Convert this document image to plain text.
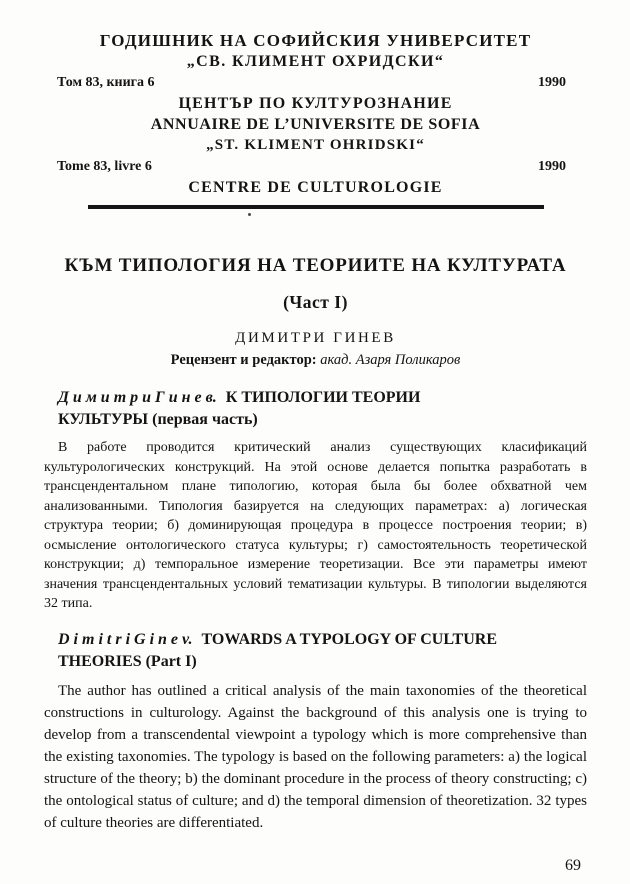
ГОДИШНИК НА СОФИЙСКИЯ УНИВЕРСИТЕТ
„СВ. КЛИМЕНТ ОХРИДСКИ“
Том 83, книга 6	1990
ЦЕНТЪР ПО КУЛТУРОЗНАНИЕ
ANNUAIRE DE L’UNIVERSITE DE SOFIA
„ST. KLIMENT OHRIDSKI“
Tome 83, livre 6	1990
CENTRE DE CULTUROLOGIE
КЪМ ТИПОЛОГИЯ НА ТЕОРИИТЕ НА КУЛТУРАТА
(Част I)
ДИМИТРИ ГИНЕВ
Рецензент и редактор: акад. Азаря Поликаров
Д и м и т р и Г и н е в. К ТИПОЛОГИИ ТЕОРИИ
КУЛЬТУРЫ (первая часть)

В работе проводится критический анализ существующих класификаций культурологических конструкций. На этой основе делается попытка разработать в трансцендентальном плане типологию, которая была бы более обхватной чем анализованными. Типология базируется на следующих параметрах: а) логическая структура теории; б) доминирующая процедура в процессе построения теории; в) осмысление онтологического статуса культуры; г) самостоятельность теоретической конструкции; д) темпоральное измерение теоретизации. Все эти параметры имеют значения трансцендентальных условий тематизации культуры. В типологии выделяются 32 типа.

D i m i t r i G i n e v. TOWARDS A TYPOLOGY OF CULTURE
THEORIES (Part I)

The author has outlined a critical analysis of the main taxonomies of the theoretical constructions in culturology. Against the background of this analysis one is trying to develop from a transcendental viewpoint a typology which is more comprehensive than the existing taxonomies. The typology is based on the following parameters: a) the logical structure of the theory; b) the dominant procedure in the process of theory constructing; c) the ontological status of culture; and d) the temporal dimension of theoretization. 32 types of culture theories are differentiated.

69
